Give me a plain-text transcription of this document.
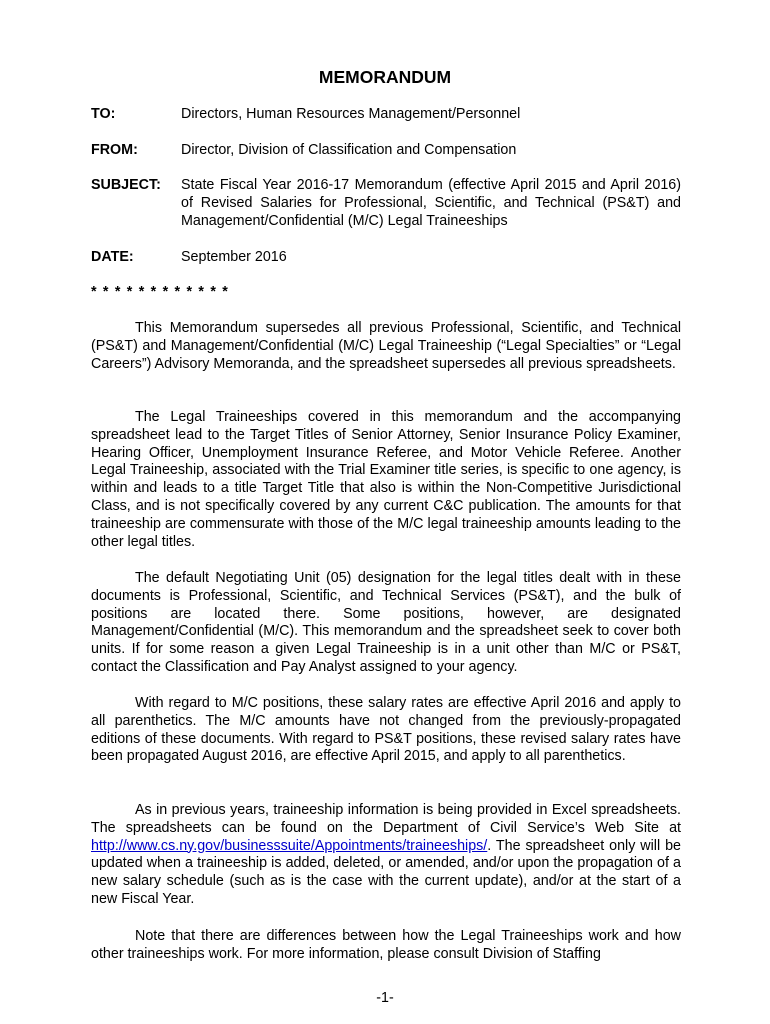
MEMORANDUM
TO:	Directors, Human Resources Management/Personnel
FROM:	Director, Division of Classification and Compensation
SUBJECT: State Fiscal Year 2016-17 Memorandum (effective April 2015 and April 2016) of Revised Salaries for Professional, Scientific, and Technical (PS&T) and Management/Confidential (M/C) Legal Traineeships
DATE:	September 2016
* * * * * * * * * * * *

This Memorandum supersedes all previous Professional, Scientific, and Technical (PS&T) and Management/Confidential (M/C) Legal Traineeship (“Legal Specialties” or “Legal Careers”) Advisory Memoranda, and the spreadsheet supersedes all previous spreadsheets.

The Legal Traineeships covered in this memorandum and the accompanying spreadsheet lead to the Target Titles of Senior Attorney, Senior Insurance Policy Examiner, Hearing Officer, Unemployment Insurance Referee, and Motor Vehicle Referee. Another Legal Traineeship, associated with the Trial Examiner title series, is specific to one agency, is within and leads to a title Target Title that also is within the Non-Competitive Jurisdictional Class, and is not specifically covered by any current C&C publication. The amounts for that traineeship are commensurate with those of the M/C legal traineeship amounts leading to the other legal titles.

The default Negotiating Unit (05) designation for the legal titles dealt with in these documents is Professional, Scientific, and Technical Services (PS&T), and the bulk of positions are located there. Some positions, however, are designated Management/Confidential (M/C). This memorandum and the spreadsheet seek to cover both units. If for some reason a given Legal Traineeship is in a unit other than M/C or PS&T, contact the Classification and Pay Analyst assigned to your agency.

With regard to M/C positions, these salary rates are effective April 2016 and apply to all parenthetics. The M/C amounts have not changed from the previously-propagated editions of these documents. With regard to PS&T positions, these revised salary rates have been propagated August 2016, are effective April 2015, and apply to all parenthetics.

As in previous years, traineeship information is being provided in Excel spreadsheets. The spreadsheets can be found on the Department of Civil Service’s Web Site at http://www.cs.ny.gov/businesssuite/Appointments/traineeships/. The spreadsheet only will be updated when a traineeship is added, deleted, or amended, and/or upon the propagation of a new salary schedule (such as is the case with the current update), and/or at the start of a new Fiscal Year.

Note that there are differences between how the Legal Traineeships work and how other traineeships work. For more information, please consult Division of Staffing

-1-
